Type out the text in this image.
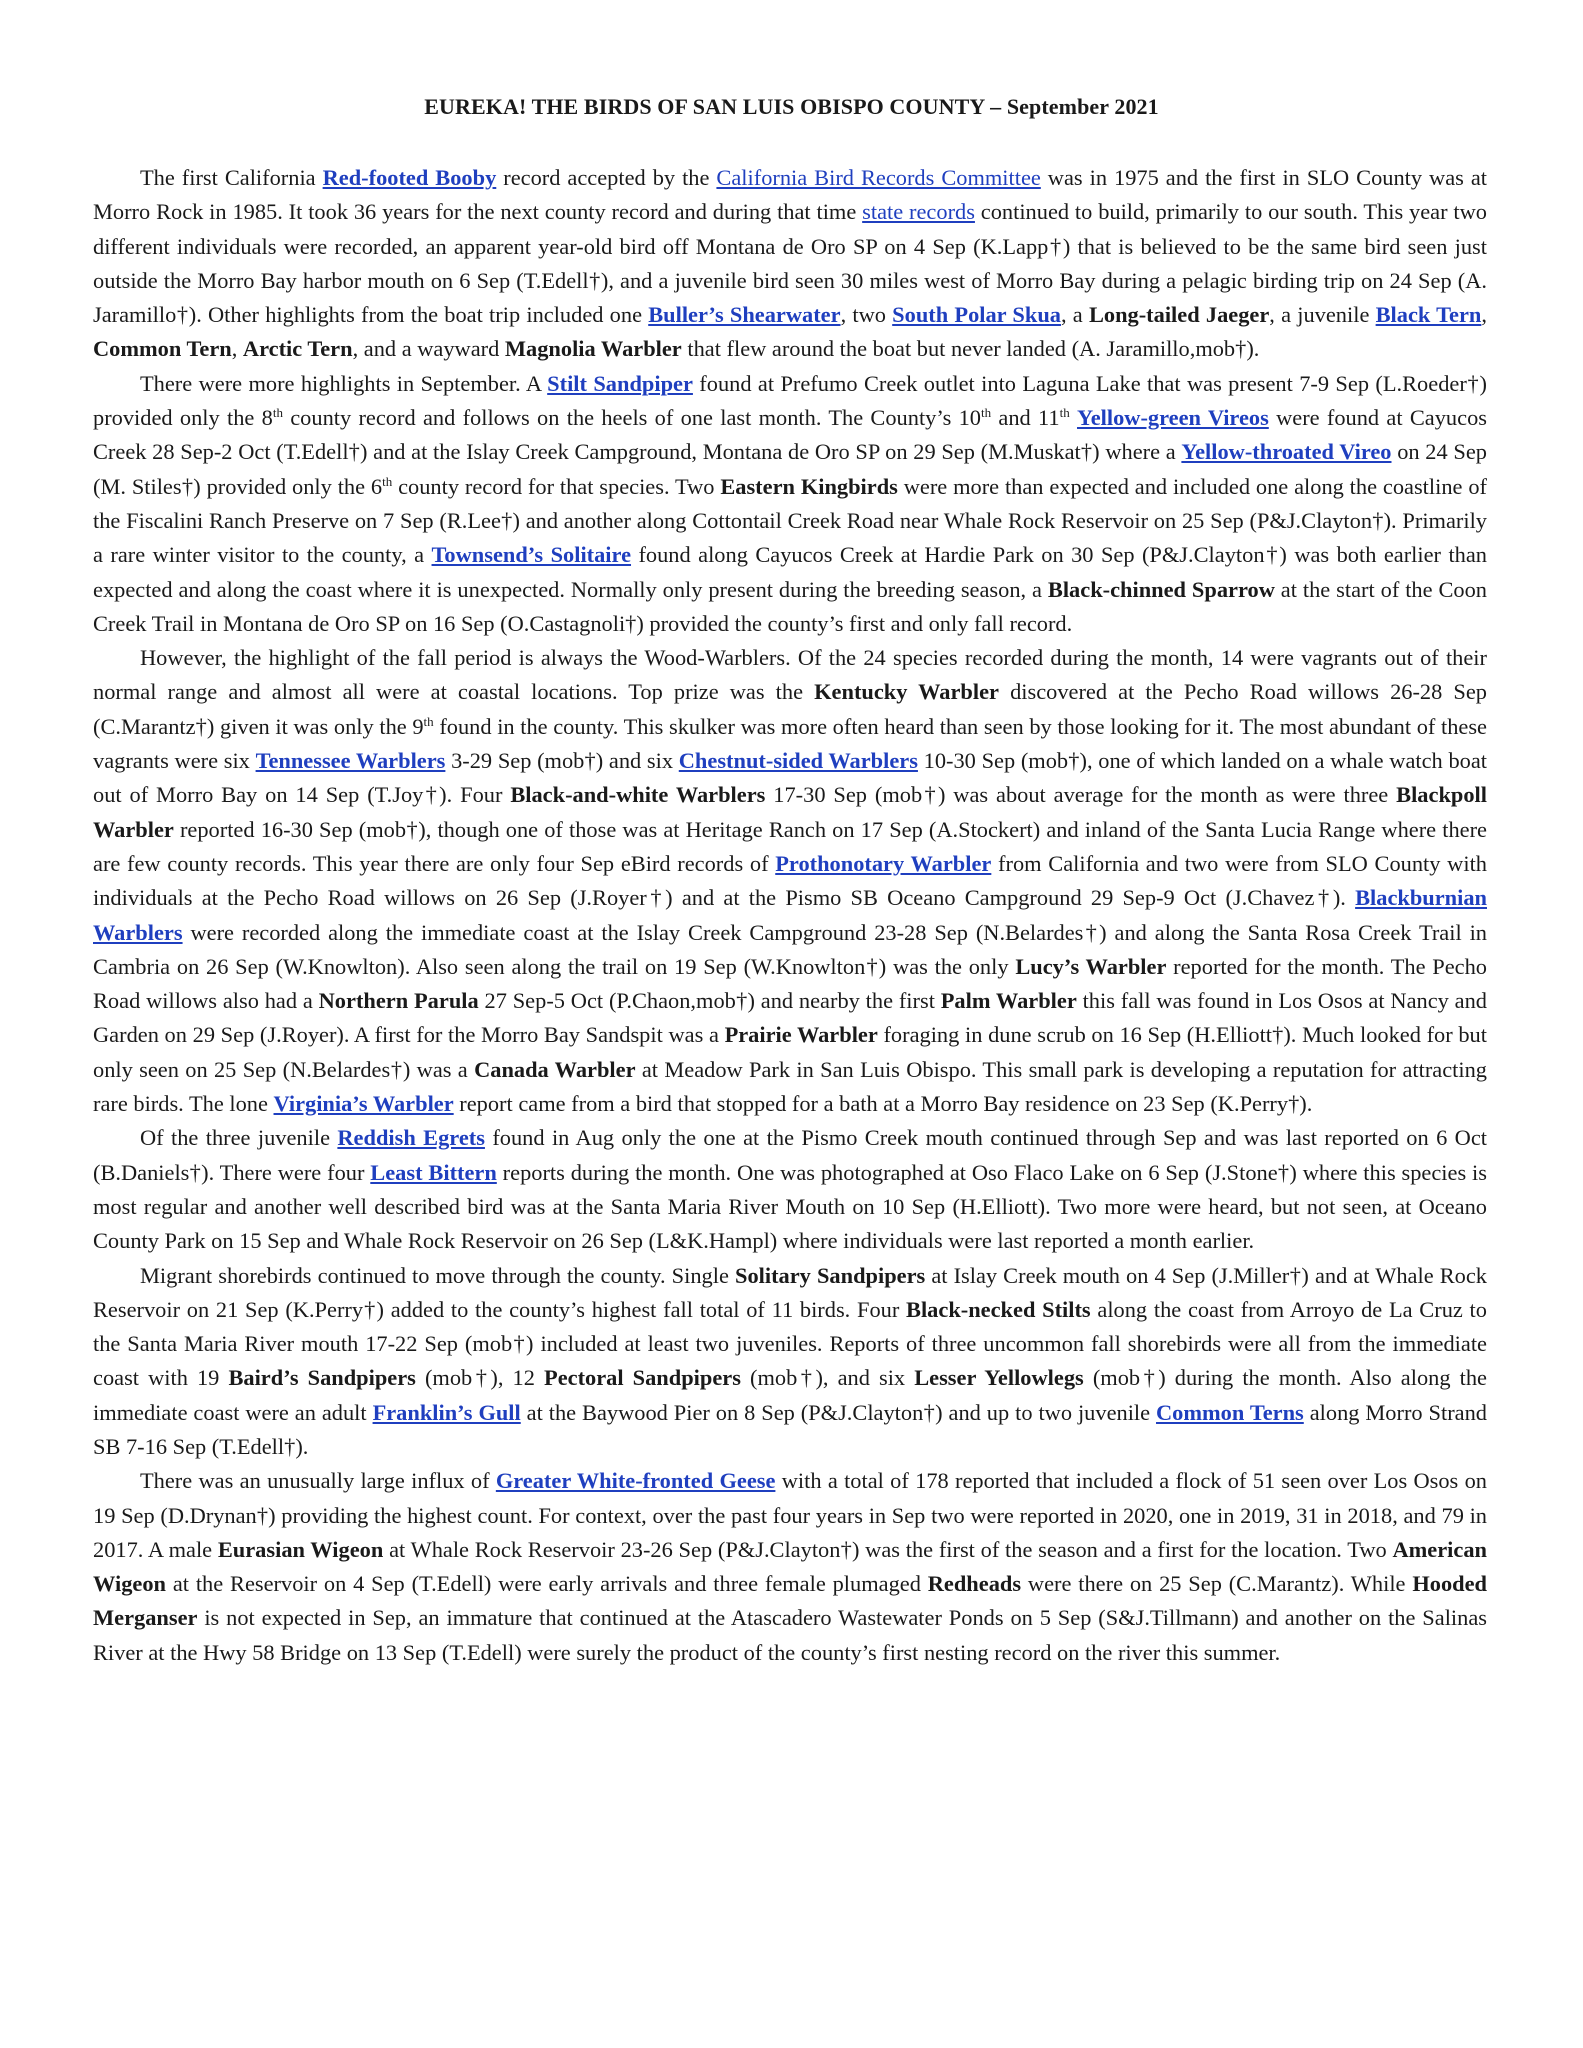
EUREKA! THE BIRDS OF SAN LUIS OBISPO COUNTY – September 2021

The first California Red-footed Booby record accepted by the California Bird Records Committee was in 1975 and the first in SLO County was at Morro Rock in 1985. It took 36 years for the next county record and during that time state records continued to build, primarily to our south. This year two different individuals were recorded, an apparent year-old bird off Montana de Oro SP on 4 Sep (K.Lapp†) that is believed to be the same bird seen just outside the Morro Bay harbor mouth on 6 Sep (T.Edell†), and a juvenile bird seen 30 miles west of Morro Bay during a pelagic birding trip on 24 Sep (A. Jaramillo†). Other highlights from the boat trip included one Buller’s Shearwater, two South Polar Skua, a Long-tailed Jaeger, a juvenile Black Tern, Common Tern, Arctic Tern, and a wayward Magnolia Warbler that flew around the boat but never landed (A. Jaramillo,mob†).

There were more highlights in September. A Stilt Sandpiper found at Prefumo Creek outlet into Laguna Lake that was present 7-9 Sep (L.Roeder†) provided only the 8th county record and follows on the heels of one last month. The County’s 10th and 11th Yellow-green Vireos were found at Cayucos Creek 28 Sep-2 Oct (T.Edell†) and at the Islay Creek Campground, Montana de Oro SP on 29 Sep (M.Muskat†) where a Yellow-throated Vireo on 24 Sep (M. Stiles†) provided only the 6th county record for that species. Two Eastern Kingbirds were more than expected and included one along the coastline of the Fiscalini Ranch Preserve on 7 Sep (R.Lee†) and another along Cottontail Creek Road near Whale Rock Reservoir on 25 Sep (P&J.Clayton†). Primarily a rare winter visitor to the county, a Townsend’s Solitaire found along Cayucos Creek at Hardie Park on 30 Sep (P&J.Clayton†) was both earlier than expected and along the coast where it is unexpected. Normally only present during the breeding season, a Black-chinned Sparrow at the start of the Coon Creek Trail in Montana de Oro SP on 16 Sep (O.Castagnoli†) provided the county’s first and only fall record.

However, the highlight of the fall period is always the Wood-Warblers. Of the 24 species recorded during the month, 14 were vagrants out of their normal range and almost all were at coastal locations. Top prize was the Kentucky Warbler discovered at the Pecho Road willows 26-28 Sep (C.Marantz†) given it was only the 9th found in the county. This skulker was more often heard than seen by those looking for it. The most abundant of these vagrants were six Tennessee Warblers 3-29 Sep (mob†) and six Chestnut-sided Warblers 10-30 Sep (mob†), one of which landed on a whale watch boat out of Morro Bay on 14 Sep (T.Joy†). Four Black-and-white Warblers 17-30 Sep (mob†) was about average for the month as were three Blackpoll Warbler reported 16-30 Sep (mob†), though one of those was at Heritage Ranch on 17 Sep (A.Stockert) and inland of the Santa Lucia Range where there are few county records. This year there are only four Sep eBird records of Prothonotary Warbler from California and two were from SLO County with individuals at the Pecho Road willows on 26 Sep (J.Royer†) and at the Pismo SB Oceano Campground 29 Sep-9 Oct (J.Chavez†). Blackburnian Warblers were recorded along the immediate coast at the Islay Creek Campground 23-28 Sep (N.Belardes†) and along the Santa Rosa Creek Trail in Cambria on 26 Sep (W.Knowlton). Also seen along the trail on 19 Sep (W.Knowlton†) was the only Lucy’s Warbler reported for the month. The Pecho Road willows also had a Northern Parula 27 Sep-5 Oct (P.Chaon,mob†) and nearby the first Palm Warbler this fall was found in Los Osos at Nancy and Garden on 29 Sep (J.Royer). A first for the Morro Bay Sandspit was a Prairie Warbler foraging in dune scrub on 16 Sep (H.Elliott†). Much looked for but only seen on 25 Sep (N.Belardes†) was a Canada Warbler at Meadow Park in San Luis Obispo. This small park is developing a reputation for attracting rare birds. The lone Virginia’s Warbler report came from a bird that stopped for a bath at a Morro Bay residence on 23 Sep (K.Perry†).

Of the three juvenile Reddish Egrets found in Aug only the one at the Pismo Creek mouth continued through Sep and was last reported on 6 Oct (B.Daniels†). There were four Least Bittern reports during the month. One was photographed at Oso Flaco Lake on 6 Sep (J.Stone†) where this species is most regular and another well described bird was at the Santa Maria River Mouth on 10 Sep (H.Elliott). Two more were heard, but not seen, at Oceano County Park on 15 Sep and Whale Rock Reservoir on 26 Sep (L&K.Hampl) where individuals were last reported a month earlier.

Migrant shorebirds continued to move through the county. Single Solitary Sandpipers at Islay Creek mouth on 4 Sep (J.Miller†) and at Whale Rock Reservoir on 21 Sep (K.Perry†) added to the county’s highest fall total of 11 birds. Four Black-necked Stilts along the coast from Arroyo de La Cruz to the Santa Maria River mouth 17-22 Sep (mob†) included at least two juveniles. Reports of three uncommon fall shorebirds were all from the immediate coast with 19 Baird’s Sandpipers (mob†), 12 Pectoral Sandpipers (mob†), and six Lesser Yellowlegs (mob†) during the month. Also along the immediate coast were an adult Franklin’s Gull at the Baywood Pier on 8 Sep (P&J.Clayton†) and up to two juvenile Common Terns along Morro Strand SB 7-16 Sep (T.Edell†).

There was an unusually large influx of Greater White-fronted Geese with a total of 178 reported that included a flock of 51 seen over Los Osos on 19 Sep (D.Drynan†) providing the highest count. For context, over the past four years in Sep two were reported in 2020, one in 2019, 31 in 2018, and 79 in 2017. A male Eurasian Wigeon at Whale Rock Reservoir 23-26 Sep (P&J.Clayton†) was the first of the season and a first for the location. Two American Wigeon at the Reservoir on 4 Sep (T.Edell) were early arrivals and three female plumaged Redheads were there on 25 Sep (C.Marantz). While Hooded Merganser is not expected in Sep, an immature that continued at the Atascadero Wastewater Ponds on 5 Sep (S&J.Tillmann) and another on the Salinas River at the Hwy 58 Bridge on 13 Sep (T.Edell) were surely the product of the county’s first nesting record on the river this summer.
